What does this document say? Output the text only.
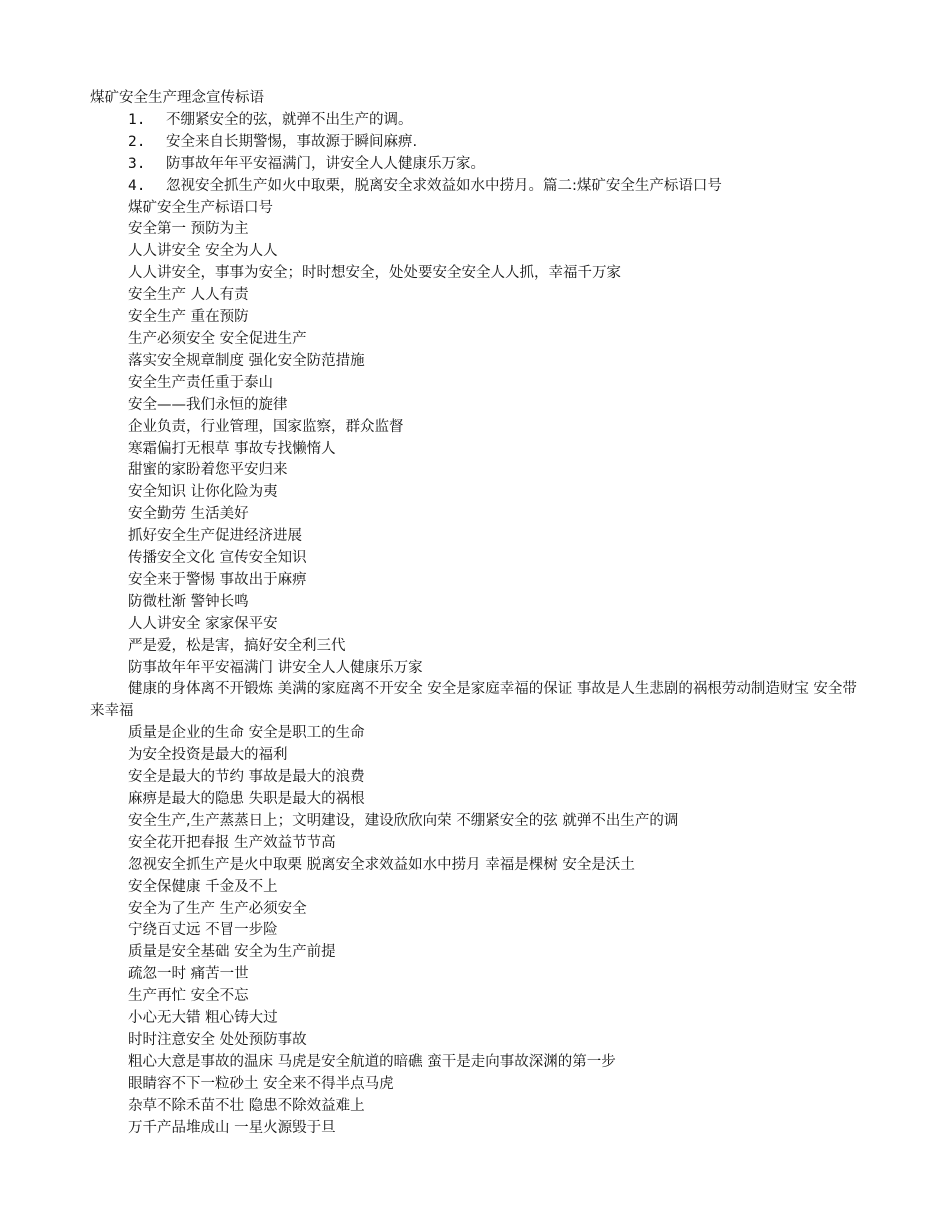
煤矿安全生产理念宣传标语
1. 不绷紧安全的弦，就弹不出生产的调。
2. 安全来自长期警惕，事故源于瞬间麻痹.
3. 防事故年年平安福满门，讲安全人人健康乐万家。
4. 忽视安全抓生产如火中取栗，脱离安全求效益如水中捞月。篇二:煤矿安全生产标语口号
煤矿安全生产标语口号
安全第一 预防为主
人人讲安全 安全为人人
人人讲安全，事事为安全；时时想安全，处处要安全安全人人抓，幸福千万家
安全生产 人人有责
安全生产 重在预防
生产必须安全 安全促进生产
落实安全规章制度 强化安全防范措施
安全生产责任重于泰山
安全——我们永恒的旋律
企业负责，行业管理，国家监察，群众监督
寒霜偏打无根草 事故专找懒惰人
甜蜜的家盼着您平安归来
安全知识 让你化险为夷
安全勤劳 生活美好
抓好安全生产促进经济进展
传播安全文化 宣传安全知识
安全来于警惕 事故出于麻痹
防微杜渐 警钟长鸣
人人讲安全 家家保平安
严是爱，松是害，搞好安全利三代
防事故年年平安福满门 讲安全人人健康乐万家
健康的身体离不开锻炼 美满的家庭离不开安全 安全是家庭幸福的保证 事故是人生悲剧的祸根劳动制造财宝 安全带来幸福
质量是企业的生命 安全是职工的生命
为安全投资是最大的福利
安全是最大的节约 事故是最大的浪费
麻痹是最大的隐患 失职是最大的祸根
安全生产,生产蒸蒸日上；文明建设，建设欣欣向荣 不绷紧安全的弦 就弹不出生产的调
安全花开把春报 生产效益节节高
忽视安全抓生产是火中取栗 脱离安全求效益如水中捞月 幸福是棵树 安全是沃土
安全保健康 千金及不上
安全为了生产 生产必须安全
宁绕百丈远 不冒一步险
质量是安全基础 安全为生产前提
疏忽一时 痛苦一世
生产再忙 安全不忘
小心无大错 粗心铸大过
时时注意安全 处处预防事故
粗心大意是事故的温床 马虎是安全航道的暗礁 蛮干是走向事故深渊的第一步
眼睛容不下一粒砂土 安全来不得半点马虎
杂草不除禾苗不壮 隐患不除效益难上
万千产品堆成山 一星火源毁于旦
